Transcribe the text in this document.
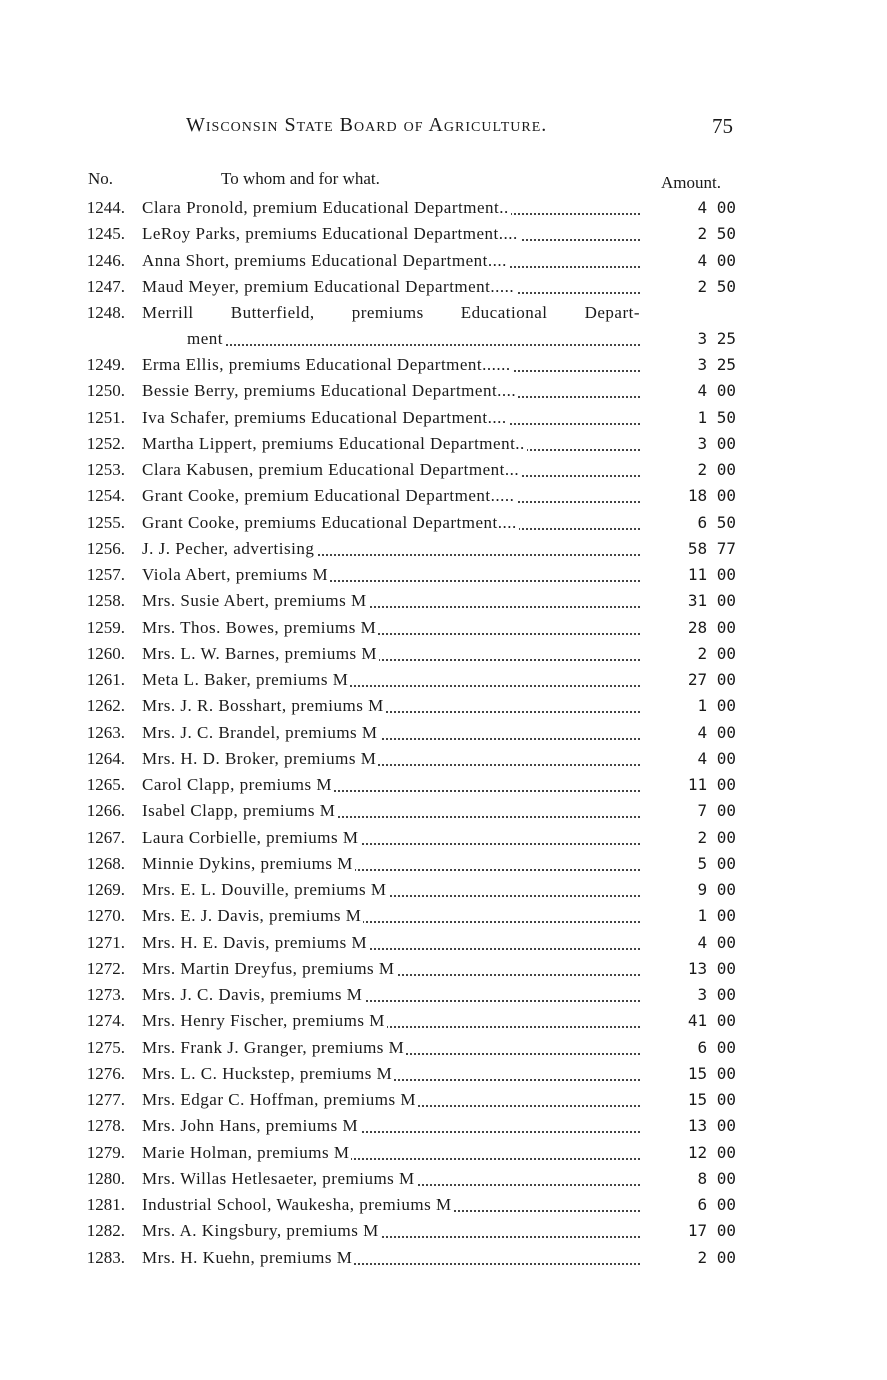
Wisconsin State Board of Agriculture.	75
No.	To whom and for what.	Amount.
1244. Clara Pronold, premium Educational Department..	4 00
1245. LeRoy Parks, premiums Educational Department....	2 50
1246. Anna Short, premiums Educational Department....	4 00
1247. Maud Meyer, premium Educational Department.....	2 50
1248. Merrill Butterfield, premiums Educational Depart-
ment	3 25
1249. Erma Ellis, premiums Educational Department......	3 25
1250. Bessie Berry, premiums Educational Department....	4 00
1251. Iva Schafer, premiums Educational Department....	1 50
1252. Martha Lippert, premiums Educational Department..	3 00
1253. Clara Kabusen, premium Educational Department...	2 00
1254. Grant Cooke, premium Educational Department.....	18 00
1255. Grant Cooke, premiums Educational Department....	6 50
1256. J. J. Pecher, advertising	58 77
1257. Viola Abert, premiums M	11 00
1258. Mrs. Susie Abert, premiums M	31 00
1259. Mrs. Thos. Bowes, premiums M	28 00
1260. Mrs. L. W. Barnes, premiums M	2 00
1261. Meta L. Baker, premiums M	27 00
1262. Mrs. J. R. Bosshart, premiums M	1 00
1263. Mrs. J. C. Brandel, premiums M	4 00
1264. Mrs. H. D. Broker, premiums M	4 00
1265. Carol Clapp, premiums M	11 00
1266. Isabel Clapp, premiums M	7 00
1267. Laura Corbielle, premiums M	2 00
1268. Minnie Dykins, premiums M	5 00
1269. Mrs. E. L. Douville, premiums M	9 00
1270. Mrs. E. J. Davis, premiums M	1 00
1271. Mrs. H. E. Davis, premiums M	4 00
1272. Mrs. Martin Dreyfus, premiums M	13 00
1273. Mrs. J. C. Davis, premiums M	3 00
1274. Mrs. Henry Fischer, premiums M	41 00
1275. Mrs. Frank J. Granger, premiums M	6 00
1276. Mrs. L. C. Huckstep, premiums M	15 00
1277. Mrs. Edgar C. Hoffman, premiums M	15 00
1278. Mrs. John Hans, premiums M	13 00
1279. Marie Holman, premiums M	12 00
1280. Mrs. Willas Hetlesaeter, premiums M	8 00
1281. Industrial School, Waukesha, premiums M	6 00
1282. Mrs. A. Kingsbury, premiums M	17 00
1283. Mrs. H. Kuehn, premiums M	2 00
